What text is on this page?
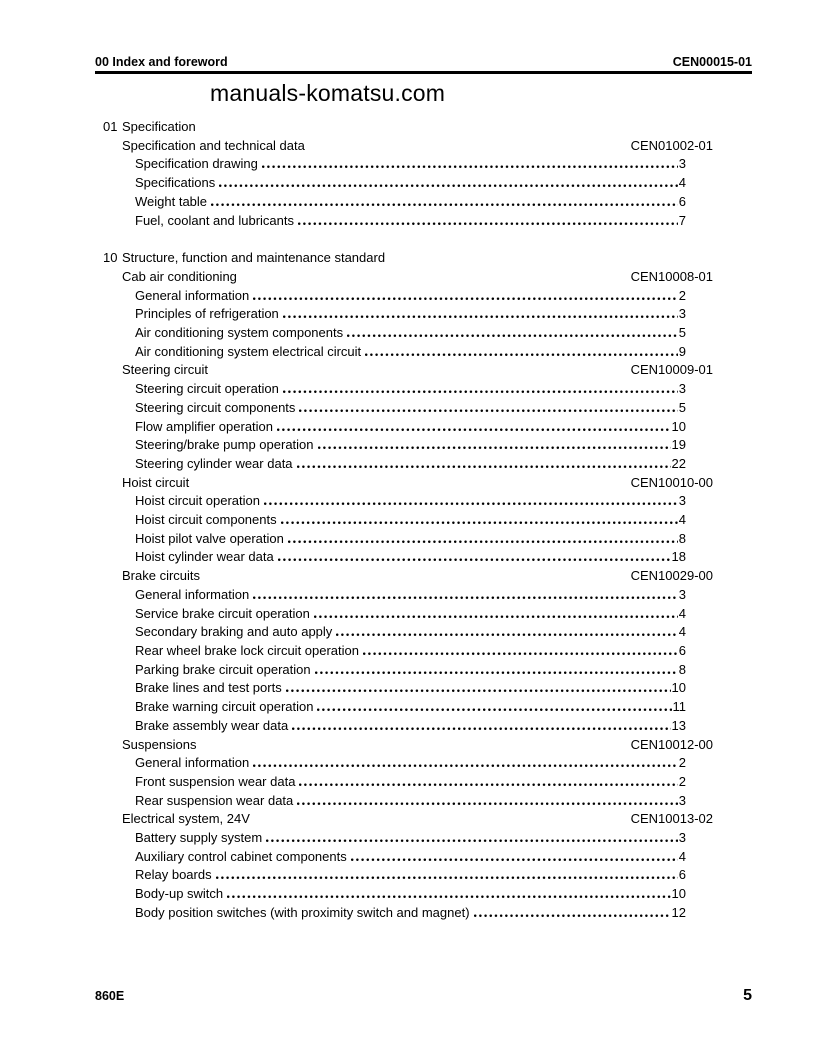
00 Index and foreword	CEN00015-01
manuals-komatsu.com
01 Specification
Specification and technical data	CEN01002-01
Specification drawing	3
Specifications	4
Weight table	6
Fuel, coolant and lubricants	7
10 Structure, function and maintenance standard
Cab air conditioning	CEN10008-01
General information	2
Principles of refrigeration	3
Air conditioning system components	5
Air conditioning system electrical circuit	9
Steering circuit	CEN10009-01
Steering circuit operation	3
Steering circuit components	5
Flow amplifier operation	10
Steering/brake pump operation	19
Steering cylinder wear data	22
Hoist circuit	CEN10010-00
Hoist circuit operation	3
Hoist circuit components	4
Hoist pilot valve operation	8
Hoist cylinder wear data	18
Brake circuits	CEN10029-00
General information	3
Service brake circuit operation	4
Secondary braking and auto apply	4
Rear wheel brake lock circuit operation	6
Parking brake circuit operation	8
Brake lines and test ports	10
Brake warning circuit operation	11
Brake assembly wear data	13
Suspensions	CEN10012-00
General information	2
Front suspension wear data	2
Rear suspension wear data	3
Electrical system, 24V	CEN10013-02
Battery supply system	3
Auxiliary control cabinet components	4
Relay boards	6
Body-up switch	10
Body position switches (with proximity switch and magnet)	12
860E	5
